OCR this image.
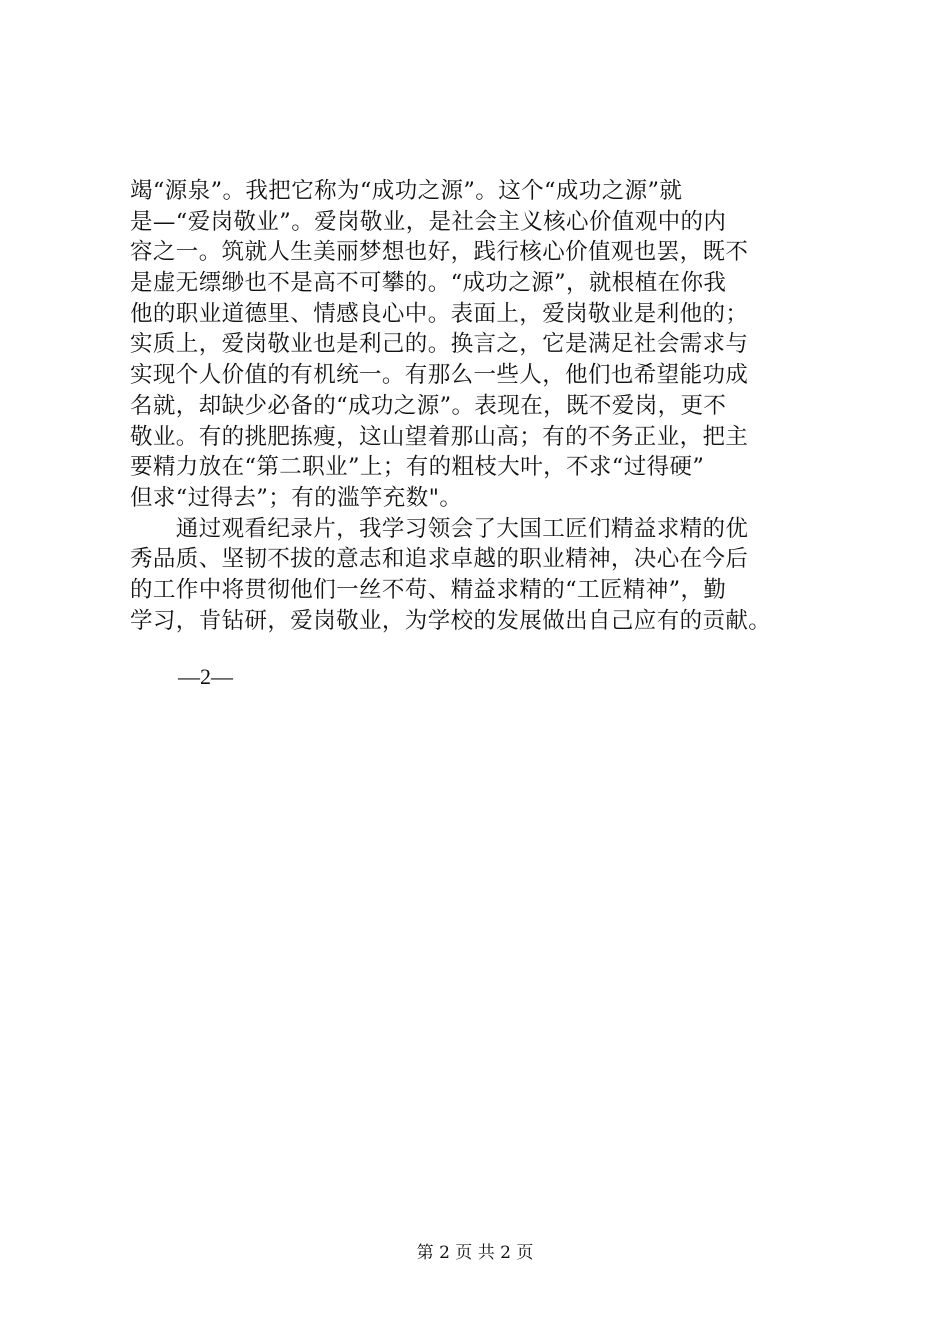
竭“源泉”。我把它称为“成功之源”。这个“成功之源”就
是—“爱岗敬业”。爱岗敬业，是社会主义核心价值观中的内
容之一。筑就人生美丽梦想也好，践行核心价值观也罢，既不
是虚无缥缈也不是高不可攀的。“成功之源”，就根植在你我
他的职业道德里、情感良心中。表面上，爱岗敬业是利他的；
实质上，爱岗敬业也是利己的。换言之，它是满足社会需求与
实现个人价值的有机统一。有那么一些人，他们也希望能功成
名就，却缺少必备的“成功之源”。表现在，既不爱岗，更不
敬业。有的挑肥拣瘦，这山望着那山高；有的不务正业，把主
要精力放在“第二职业”上；有的粗枝大叶，不求“过得硬”
但求“过得去”；有的滥竽充数"。
　　通过观看纪录片，我学习领会了大国工匠们精益求精的优
秀品质、坚韧不拔的意志和追求卓越的职业精神，决心在今后
的工作中将贯彻他们一丝不苟、精益求精的“工匠精神”，勤
学习，肯钻研，爱岗敬业，为学校的发展做出自己应有的贡献。
—2—
第 2 页 共 2 页
